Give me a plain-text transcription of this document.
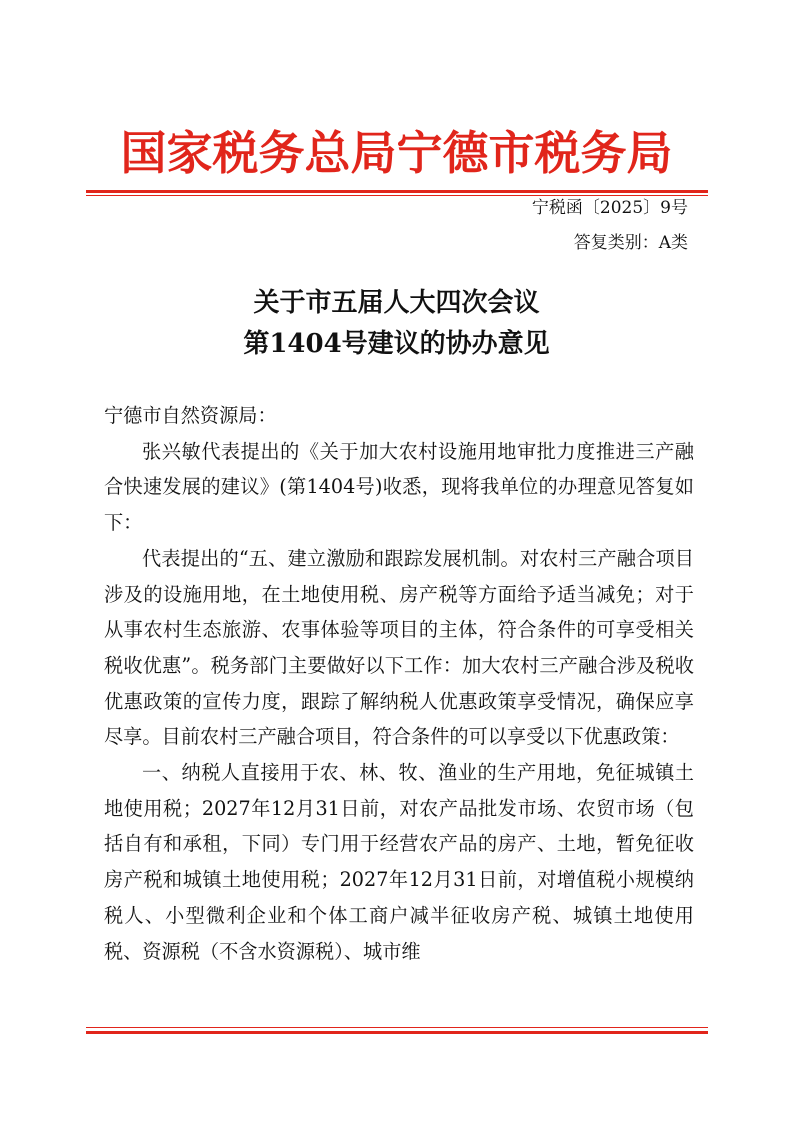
国家税务总局宁德市税务局
宁税函〔2025〕9号
答复类别：A类
关于市五届人大四次会议
第1404号建议的协办意见

宁德市自然资源局：

张兴敏代表提出的《关于加大农村设施用地审批力度推进三产融合快速发展的建议》(第1404号)收悉，现将我单位的办理意见答复如下：

代表提出的“五、建立激励和跟踪发展机制。对农村三产融合项目涉及的设施用地，在土地使用税、房产税等方面给予适当减免；对于从事农村生态旅游、农事体验等项目的主体，符合条件的可享受相关税收优惠”。税务部门主要做好以下工作：加大农村三产融合涉及税收优惠政策的宣传力度，跟踪了解纳税人优惠政策享受情况，确保应享尽享。目前农村三产融合项目，符合条件的可以享受以下优惠政策：

一、纳税人直接用于农、林、牧、渔业的生产用地，免征城镇土地使用税；2027年12月31日前，对农产品批发市场、农贸市场（包括自有和承租，下同）专门用于经营农产品的房产、土地，暂免征收房产税和城镇土地使用税；2027年12月31日前，对增值税小规模纳税人、小型微利企业和个体工商户减半征收房产税、城镇土地使用税、资源税（不含水资源税）、城市维
